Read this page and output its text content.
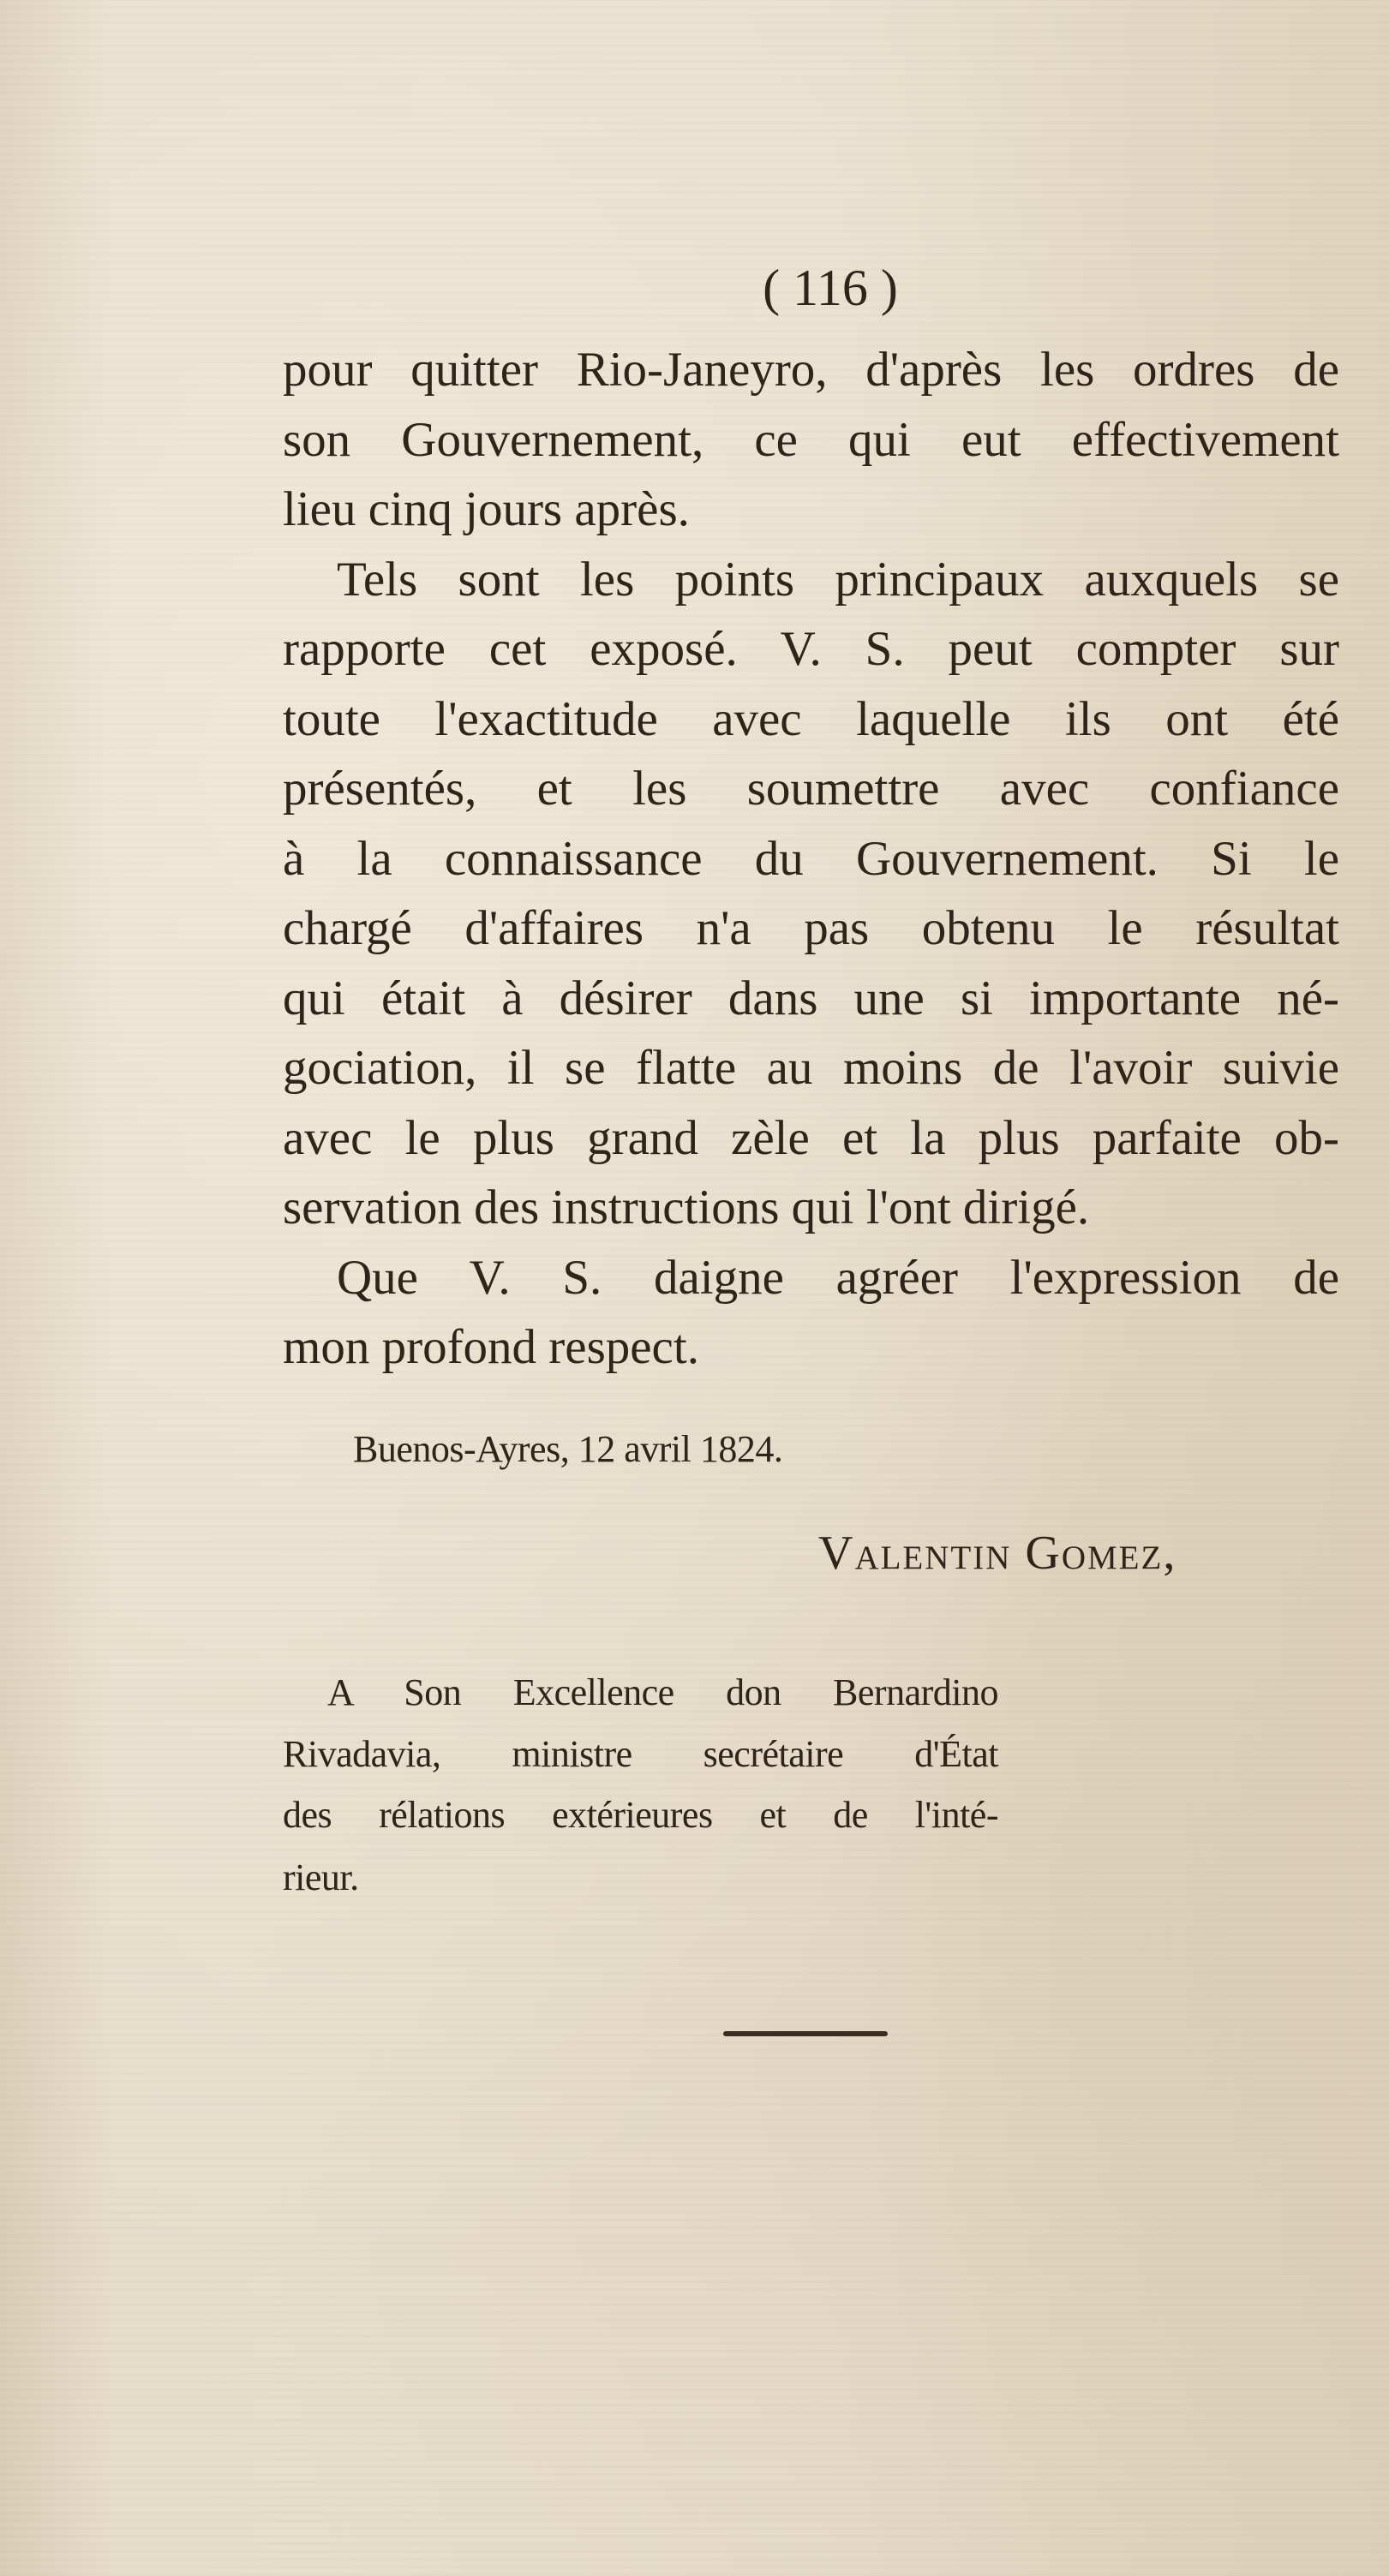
( 116 )
pour quitter Rio-Janeyro, d'après les ordres de
son Gouvernement, ce qui eut effectivement
lieu cinq jours après.
Tels sont les points principaux auxquels se
rapporte cet exposé. V. S. peut compter sur
toute l'exactitude avec laquelle ils ont été
présentés, et les soumettre avec confiance
à la connaissance du Gouvernement. Si le
chargé d'affaires n'a pas obtenu le résultat
qui était à désirer dans une si importante né-
gociation, il se flatte au moins de l'avoir suivie
avec le plus grand zèle et la plus parfaite ob-
servation des instructions qui l'ont dirigé.
Que V. S. daigne agréer l'expression de
mon profond respect.
Buenos-Ayres, 12 avril 1824.
Valentin Gomez,
A Son Excellence don Bernardino
Rivadavia, ministre secrétaire d'État
des rélations extérieures et de l'inté-
rieur.
